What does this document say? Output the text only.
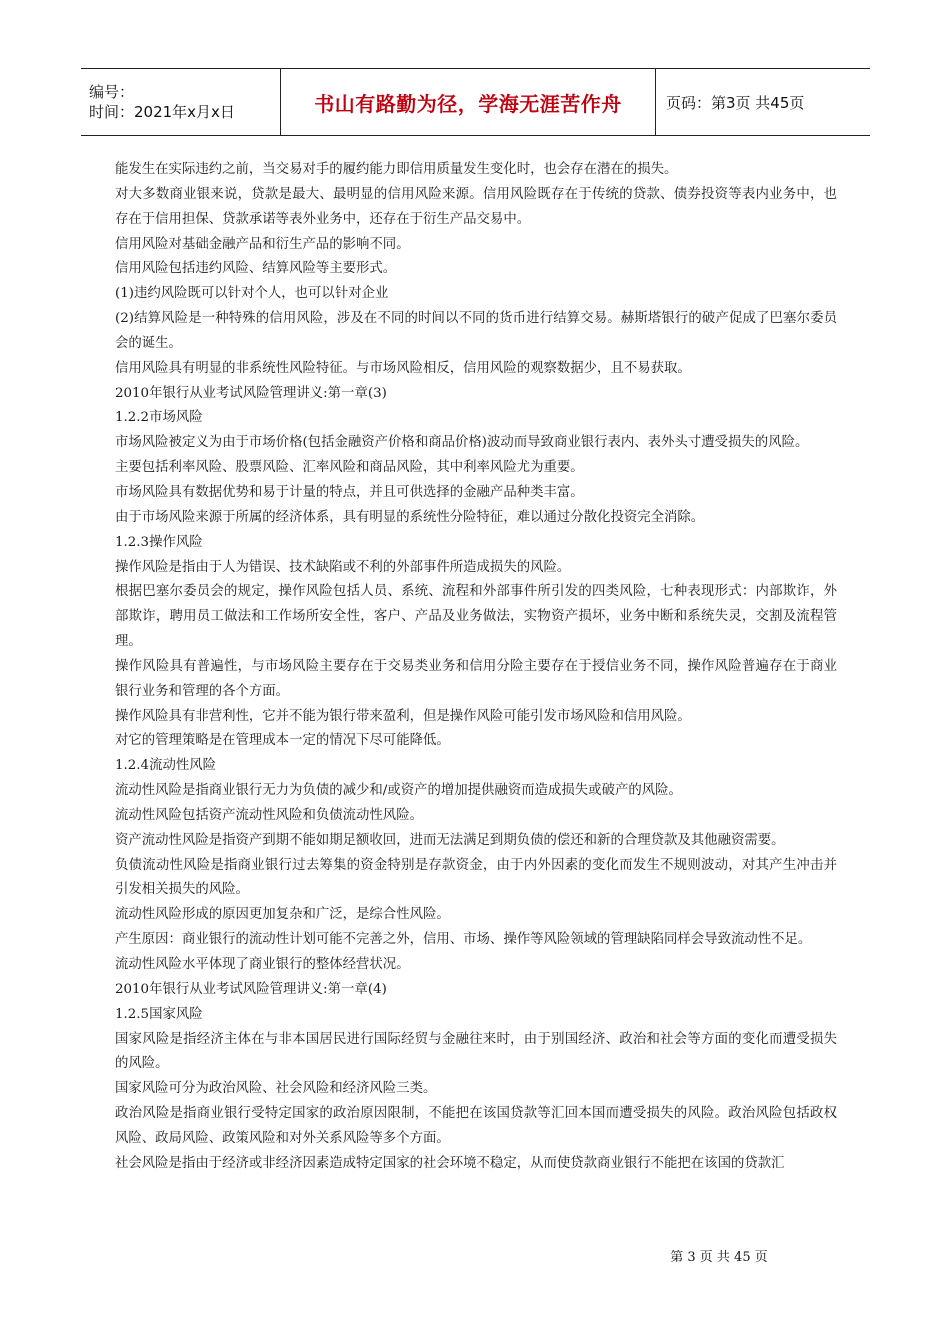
编号：
时间：2021年x月x日	书山有路勤为径，学海无涯苦作舟	页码：第3页 共45页

能发生在实际违约之前，当交易对手的履约能力即信用质量发生变化时，也会存在潜在的损失。

对大多数商业银来说，贷款是最大、最明显的信用风险来源。信用风险既存在于传统的贷款、债券投资等表内业务中，也存在于信用担保、贷款承诺等表外业务中，还存在于衍生产品交易中。

信用风险对基础金融产品和衍生产品的影响不同。

信用风险包括违约风险、结算风险等主要形式。

(1)违约风险既可以针对个人，也可以针对企业

(2)结算风险是一种特殊的信用风险，涉及在不同的时间以不同的货币进行结算交易。赫斯塔银行的破产促成了巴塞尔委员会的诞生。

信用风险具有明显的非系统性风险特征。与市场风险相反，信用风险的观察数据少，且不易获取。

2010年银行从业考试风险管理讲义:第一章(3)

1.2.2市场风险

市场风险被定义为由于市场价格(包括金融资产价格和商品价格)波动而导致商业银行表内、表外头寸遭受损失的风险。

主要包括利率风险、股票风险、汇率风险和商品风险，其中利率风险尤为重要。

市场风险具有数据优势和易于计量的特点，并且可供选择的金融产品种类丰富。

由于市场风险来源于所属的经济体系，具有明显的系统性分险特征，难以通过分散化投资完全消除。

1.2.3操作风险

操作风险是指由于人为错误、技术缺陷或不利的外部事件所造成损失的风险。

根据巴塞尔委员会的规定，操作风险包括人员、系统、流程和外部事件所引发的四类风险，七种表现形式：内部欺诈，外部欺诈，聘用员工做法和工作场所安全性，客户、产品及业务做法，实物资产损坏，业务中断和系统失灵，交割及流程管理。

操作风险具有普遍性，与市场风险主要存在于交易类业务和信用分险主要存在于授信业务不同，操作风险普遍存在于商业银行业务和管理的各个方面。

操作风险具有非营利性，它并不能为银行带来盈利，但是操作风险可能引发市场风险和信用风险。

对它的管理策略是在管理成本一定的情况下尽可能降低。

1.2.4流动性风险

流动性风险是指商业银行无力为负债的减少和/或资产的增加提供融资而造成损失或破产的风险。

流动性风险包括资产流动性风险和负债流动性风险。

资产流动性风险是指资产到期不能如期足额收回，进而无法满足到期负债的偿还和新的合理贷款及其他融资需要。

负债流动性风险是指商业银行过去筹集的资金特别是存款资金，由于内外因素的变化而发生不规则波动，对其产生冲击并引发相关损失的风险。

流动性风险形成的原因更加复杂和广泛，是综合性风险。

产生原因：商业银行的流动性计划可能不完善之外，信用、市场、操作等风险领域的管理缺陷同样会导致流动性不足。

流动性风险水平体现了商业银行的整体经营状况。

2010年银行从业考试风险管理讲义:第一章(4)

1.2.5国家风险

国家风险是指经济主体在与非本国居民进行国际经贸与金融往来时，由于别国经济、政治和社会等方面的变化而遭受损失的风险。

国家风险可分为政治风险、社会风险和经济风险三类。

政治风险是指商业银行受特定国家的政治原因限制，不能把在该国贷款等汇回本国而遭受损失的风险。政治风险包括政权风险、政局风险、政策风险和对外关系风险等多个方面。

社会风险是指由于经济或非经济因素造成特定国家的社会环境不稳定，从而使贷款商业银行不能把在该国的贷款汇

第 3 页 共 45 页
